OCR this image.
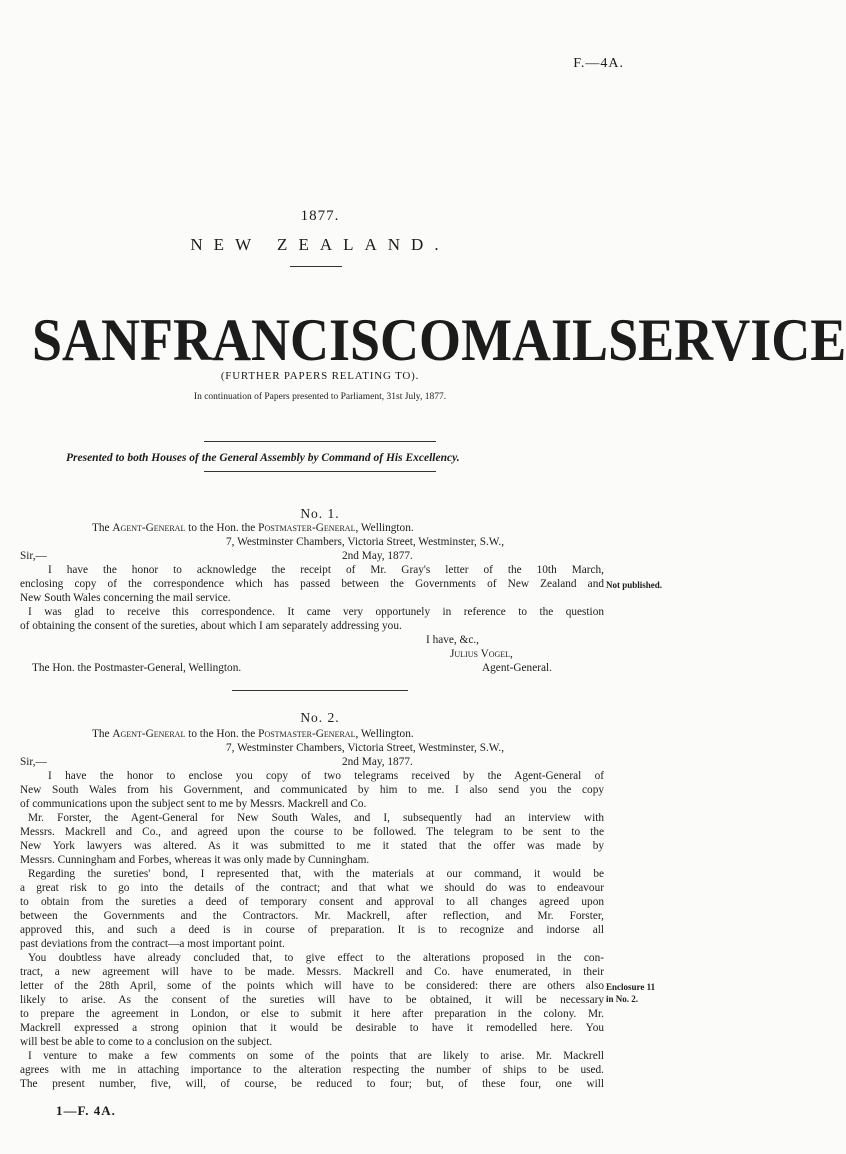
F.—4A.
1877.
NEW ZEALAND.
SAN FRANCISCO MAIL SERVICE
(FURTHER PAPERS RELATING TO).
In continuation of Papers presented to Parliament, 31st July, 1877.
Presented to both Houses of the General Assembly by Command of His Excellency.
No. 1.
The Agent-General to the Hon. the Postmaster-General, Wellington.
7, Westminster Chambers, Victoria Street, Westminster, S.W.,
Sir,—	2nd May, 1877.
I have the honor to acknowledge the receipt of Mr. Gray's letter of the 10th March,
enclosing copy of the correspondence which has passed between the Governments of New Zealand and
New South Wales concerning the mail service.
I was glad to receive this correspondence. It came very opportunely in reference to the question
of obtaining the consent of the sureties, about which I am separately addressing you.
Not published.
I have, &c.,
Julius Vogel,
The Hon. the Postmaster-General, Wellington.	Agent-General.
No. 2.
The Agent-General to the Hon. the Postmaster-General, Wellington.
7, Westminster Chambers, Victoria Street, Westminster, S.W.,
Sir,—	2nd May, 1877.
I have the honor to enclose you copy of two telegrams received by the Agent-General of
New South Wales from his Government, and communicated by him to me. I also send you the copy
of communications upon the subject sent to me by Messrs. Mackrell and Co.
Mr. Forster, the Agent-General for New South Wales, and I, subsequently had an interview with
Messrs. Mackrell and Co., and agreed upon the course to be followed. The telegram to be sent to the
New York lawyers was altered. As it was submitted to me it stated that the offer was made by
Messrs. Cunningham and Forbes, whereas it was only made by Cunningham.
Regarding the sureties' bond, I represented that, with the materials at our command, it would be
a great risk to go into the details of the contract; and that what we should do was to endeavour
to obtain from the sureties a deed of temporary consent and approval to all changes agreed upon
between the Governments and the Contractors. Mr. Mackrell, after reflection, and Mr. Forster,
approved this, and such a deed is in course of preparation. It is to recognize and indorse all
past deviations from the contract—a most important point.
You doubtless have already concluded that, to give effect to the alterations proposed in the con-
tract, a new agreement will have to be made. Messrs. Mackrell and Co. have enumerated, in their
letter of the 28th April, some of the points which will have to be considered: there are others also
likely to arise. As the consent of the sureties will have to be obtained, it will be necessary
to prepare the agreement in London, or else to submit it here after preparation in the colony. Mr.
Mackrell expressed a strong opinion that it would be desirable to have it remodelled here. You
will best be able to come to a conclusion on the subject.
I venture to make a few comments on some of the points that are likely to arise. Mr. Mackrell
agrees with me in attaching importance to the alteration respecting the number of ships to be used.
The present number, five, will, of course, be reduced to four; but, of these four, one will
Enclosure 11
in No. 2.
1—F. 4A.
